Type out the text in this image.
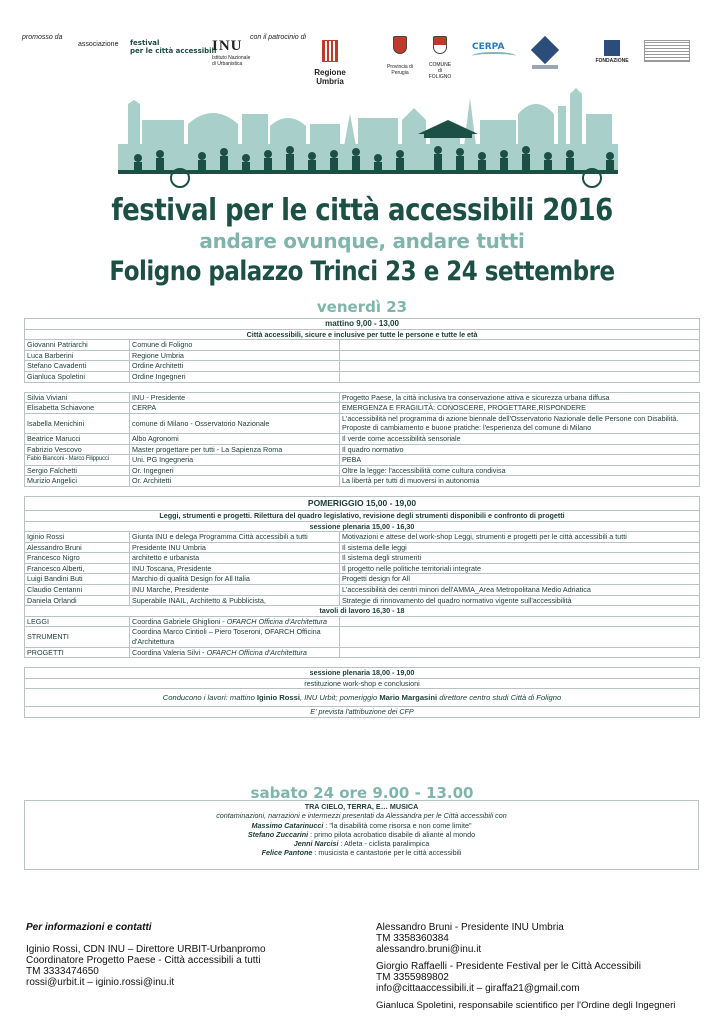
promosso da
associazione festival
per le città accessibili
INU
Istituto Nazionale
di Urbanistica
con il patrocinio di
Regione Umbria
Provincia di Perugia
COMUNE
di
FOLIGNO
CERPA
FONDAZIONE
festival per le città accessibili 2016
andare ovunque, andare tutti
Foligno palazzo Trinci 23 e 24 settembre
venerdì 23
mattino 9,00 - 13,00		
Città accessibili, sicure e inclusive per tutte le persone e tutte le età		
Giovanni Patriarchi	Comune di Foligno	
Luca Barberini	Regione Umbria	
Stefano Cavadenti	Ordine Architetti	
Gianluca Spoletini	Ordine Ingegneri	

Silvia Viviani	INU - Presidente	Progetto Paese, la città inclusiva tra conservazione attiva e sicurezza urbana diffusa
Elisabetta Schiavone	CERPA	EMERGENZA E FRAGILITÀ: CONOSCERE, PROGETTARE,RISPONDERE
Isabella Menichini	comune di Milano - Osservatorio Nazionale	L'accessibilità nel programma di azione biennale dell'Osservatorio Nazionale delle Persone con Disabilità. Proposte di cambiamento e buone pratiche: l'esperienza del comune di Milano
Beatrice Marucci	Albo Agronomi	Il verde come accessibilità sensoriale
Fabrizio Vescovo	Master progettare per tutti - La Sapienza Roma	Il quadro normativo
Fabio Bianconi - Marco Filippucci	Uni. PG Ingegneria	PEBA
Sergio Falchetti	Or. Ingegneri	Oltre la legge: l'accessibilità come cultura condivisa
Murizio Angelici	Or. Architetti	La libertà per tutti di muoversi in autonomia

POMERIGGIO 15,00 - 19,00		
Leggi, strumenti e progetti. Rilettura del quadro legislativo, revisione degli strumenti disponibili e confronto di progetti		
sessione plenaria 15,00 - 16,30		
Iginio Rossi	Giunta INU e delega Programma Città accessibili a tutti	Motivazioni e attese del work-shop Leggi, strumenti e progetti per le città accessibili a tutti
Alessandro Bruni	Presidente INU Umbria	Il sistema delle leggi
Francesco Nigro	architetto e urbanista	Il sistema degli strumenti
Francesco Alberti,	INU Toscana, Presidente	Il progetto nelle politiche territoriali integrate
Luigi Bandini Buti	Marchio di qualità Design for All Italia	Progetti design for All
Claudio Centanni	INU Marche, Presidente	L'accessibilità dei centri minori dell'AMMA_Area Metropolitana Medio Adriatica
Daniela Orlandi	Superabile INAIL, Architetto & Pubblicista,	Strategie di rinnovamento del quadro normativo vigente sull'accessibilità
tavoli di lavoro 16,30 - 18		
LEGGI	Coordina Gabriele Ghiglioni - OFARCH Officina d'Architettura	
STRUMENTI	Coordina Marco Cintioli – Piero Toseroni, OFARCH Officina d'Architettura	
PROGETTI	Coordina Valeria Silvi - OFARCH Officina d'Architettura	

sessione plenaria 18,00 - 19,00		
restituzione work-shop e conclusioni		
Conducono i lavori: mattino Iginio Rossi, INU Urbit; pomeriggio Mario Margasini direttore centro studi Città di Foligno		
E' prevista l'attribuzione dei CFP		
sabato 24 ore 9.00 - 13.00
TRA CIELO, TERRA, E… MUSICA
contaminazioni, narrazioni e intermezzi presentati da Alessandra per le Città accessibili con
Massimo Catarinucci : "la disabilità come risorsa e non come limite"
Stefano Zuccarini : primo pilota acrobatico disabile di aliante al mondo
Jenni Narcisi : Atleta - ciclista paralimpica
Felice Pantone : musicista e cantastorie per le città accessibili
Per informazioni e contatti
Iginio Rossi, CDN INU – Direttore URBIT-Urbanpromo
Coordinatore Progetto Paese - Città accessibili a tutti
TM 3333474650
rossi@urbit.it – iginio.rossi@inu.it
Alessandro Bruni - Presidente INU Umbria
TM 3358360384
alessandro.bruni@inu.it
Giorgio Raffaelli - Presidente Festival per le Città Accessibili
TM 3355989802
info@cittaaccessibili.it – giraffa21@gmail.com
Gianluca Spoletini, responsabile scientifico per l'Ordine degli Ingegneri
